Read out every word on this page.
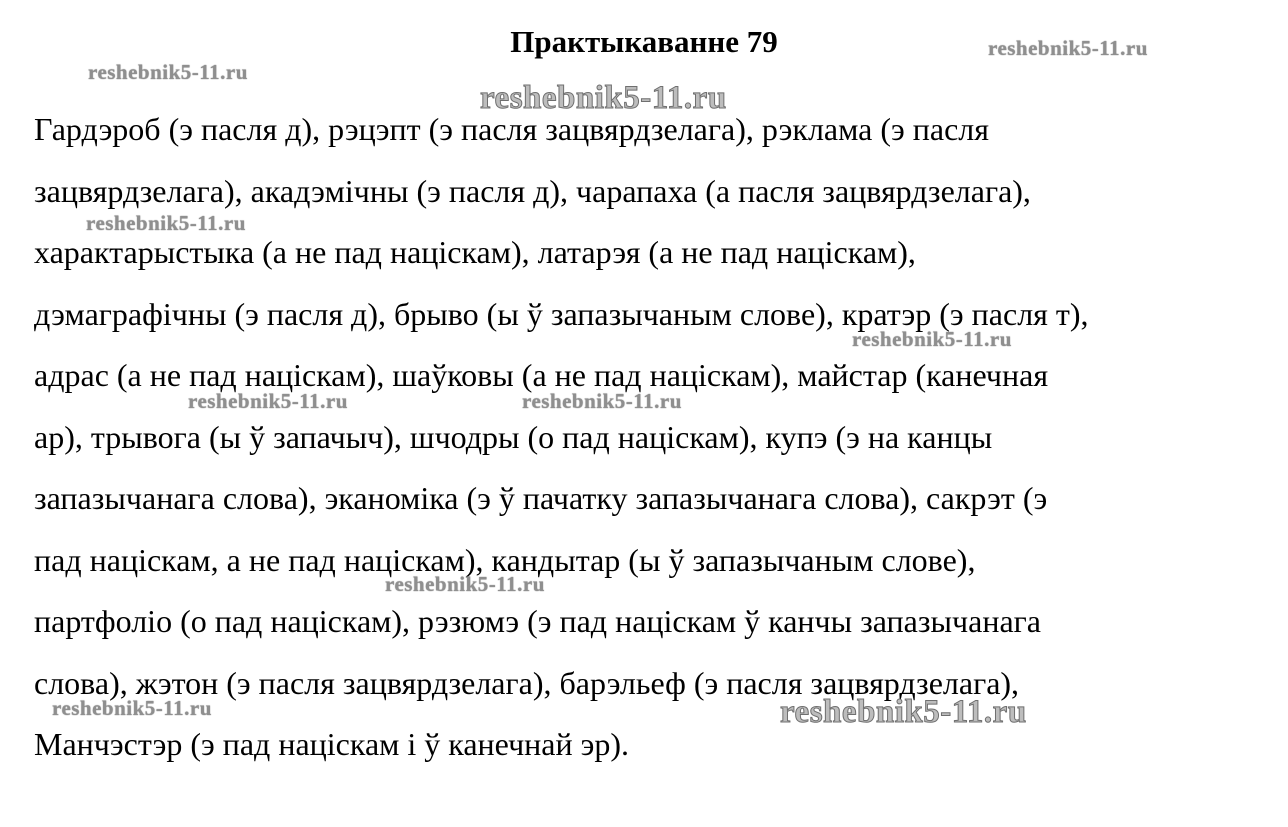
Практыкаванне 79
Гардэроб (э пасля д), рэцэпт (э пасля зацвярдзелага), рэклама (э пасля
зацвярдзелага), акадэмічны (э пасля д), чарапаха (а пасля зацвярдзелага),
характарыстыка (а не пад націскам), латарэя (а не пад націскам),
дэмаграфічны (э пасля д), брыво (ы ў запазычаным слове), кратэр (э пасля т),
адрас (а не пад націскам), шаўковы (а не пад націскам), майстар (канечная
ар), трывога (ы ў запачыч), шчодры (о пад націскам), купэ (э на канцы
запазычанага слова), эканоміка (э ў пачатку запазычанага слова), сакрэт (э
пад націскам, а не пад націскам), кандытар (ы ў запазычаным слове),
партфоліо (о пад націскам), рэзюмэ (э пад націскам ў канчы запазычанага
слова), жэтон (э пасля зацвярдзелага), барэльеф (э пасля зацвярдзелага),
Манчэстэр (э пад націскам і ў канечнай эр).
reshebnik5-11.ru
reshebnik5-11.ru
reshebnik5-11.ru
reshebnik5-11.ru
reshebnik5-11.ru
reshebnik5-11.ru	reshebnik5-11.ru
reshebnik5-11.ru
reshebnik5-11.ru	reshebnik5-11.ru
